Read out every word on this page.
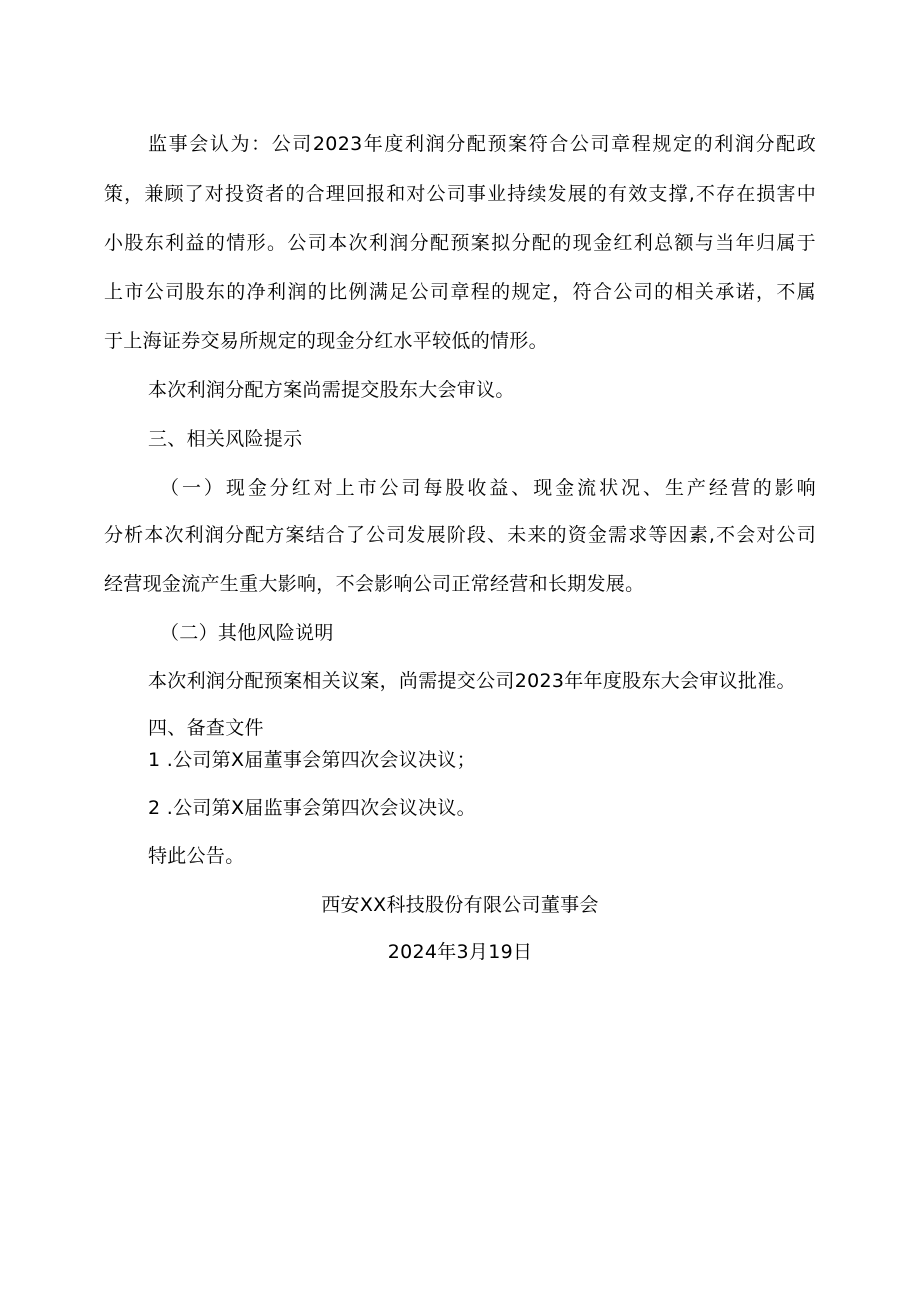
监事会认为：公司2023年度利润分配预案符合公司章程规定的利润分配政
策，兼顾了对投资者的合理回报和对公司事业持续发展的有效支撑,不存在损害中
小股东利益的情形。公司本次利润分配预案拟分配的现金红利总额与当年归属于
上市公司股东的净利润的比例满足公司章程的规定，符合公司的相关承诺，不属
于上海证券交易所规定的现金分红水平较低的情形。
本次利润分配方案尚需提交股东大会审议。
三、相关风险提示
（一）现金分红对上市公司每股收益、现金流状况、生产经营的影响
分析本次利润分配方案结合了公司发展阶段、未来的资金需求等因素,不会对公司
经营现金流产生重大影响，不会影响公司正常经营和长期发展。
（二）其他风险说明
本次利润分配预案相关议案，尚需提交公司2023年年度股东大会审议批准。
四、备查文件
1 .公司第X届董事会第四次会议决议；
2 .公司第X届监事会第四次会议决议。
特此公告。
西安XX科技股份有限公司董事会
2024年3月19日
